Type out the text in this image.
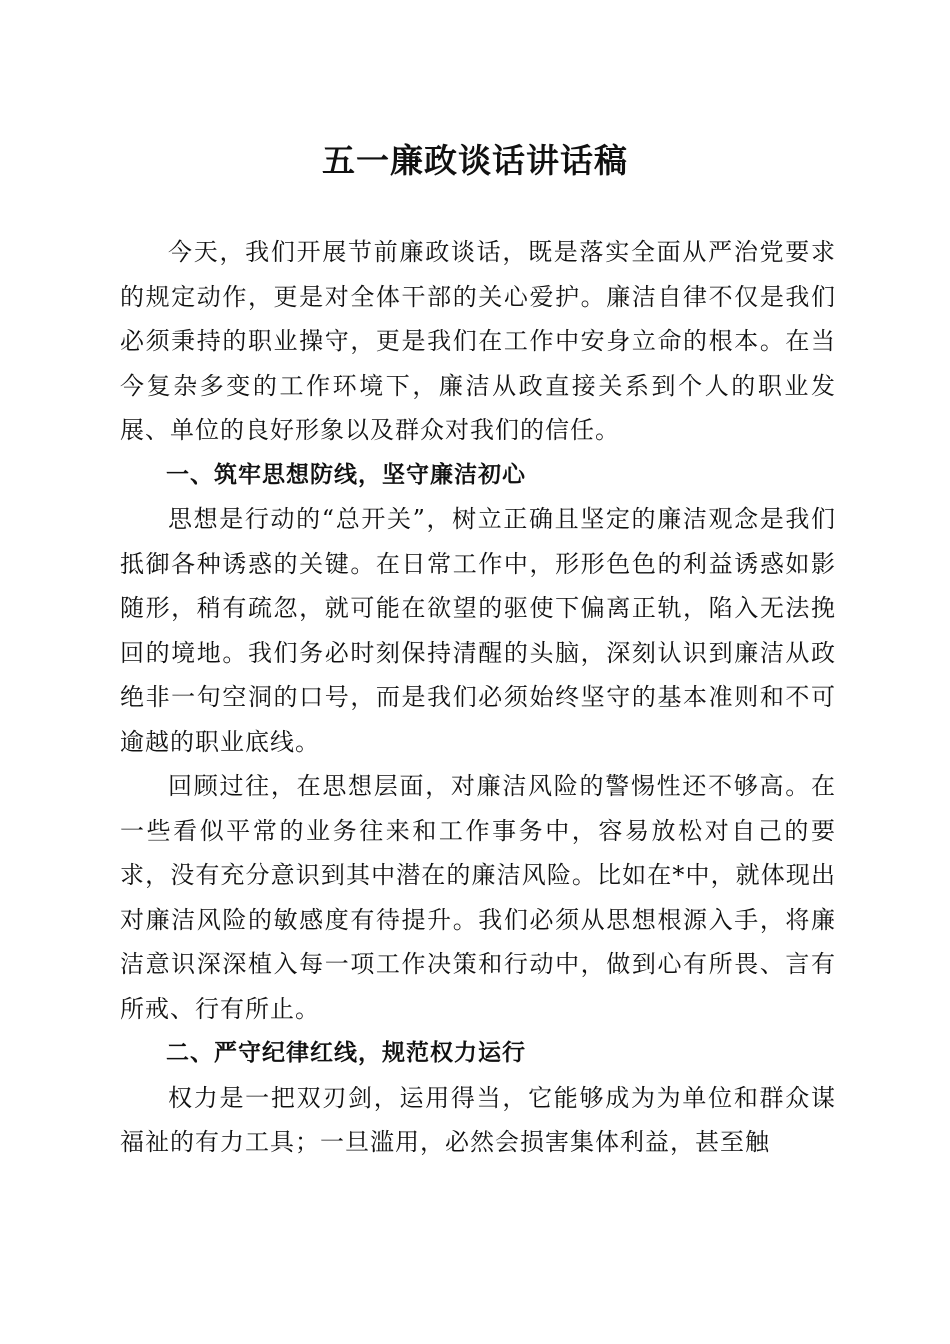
五一廉政谈话讲话稿

今天，我们开展节前廉政谈话，既是落实全面从严治党要求的规定动作，更是对全体干部的关心爱护。廉洁自律不仅是我们必须秉持的职业操守，更是我们在工作中安身立命的根本。在当今复杂多变的工作环境下，廉洁从政直接关系到个人的职业发展、单位的良好形象以及群众对我们的信任。

一、筑牢思想防线，坚守廉洁初心

思想是行动的“总开关”，树立正确且坚定的廉洁观念是我们抵御各种诱惑的关键。在日常工作中，形形色色的利益诱惑如影随形，稍有疏忽，就可能在欲望的驱使下偏离正轨，陷入无法挽回的境地。我们务必时刻保持清醒的头脑，深刻认识到廉洁从政绝非一句空洞的口号，而是我们必须始终坚守的基本准则和不可逾越的职业底线。

回顾过往，在思想层面，对廉洁风险的警惕性还不够高。在一些看似平常的业务往来和工作事务中，容易放松对自己的要求，没有充分意识到其中潜在的廉洁风险。比如在*中，就体现出对廉洁风险的敏感度有待提升。我们必须从思想根源入手，将廉洁意识深深植入每一项工作决策和行动中，做到心有所畏、言有所戒、行有所止。

二、严守纪律红线，规范权力运行

权力是一把双刃剑，运用得当，它能够成为为单位和群众谋福祉的有力工具；一旦滥用，必然会损害集体利益，甚至触
